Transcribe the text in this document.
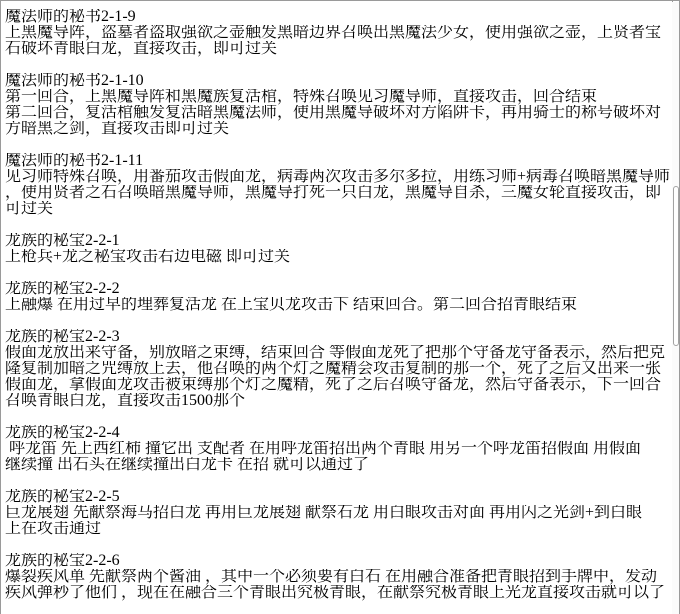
魔法师的秘书2-1-9
上黑魔导阵，盗墓者盗取强欲之壶触发黑暗边界召唤出黑魔法少女，使用强欲之壶，上贤者宝
石破坏青眼白龙，直接攻击，即可过关
魔法师的秘书2-1-10
第一回合，上黑魔导阵和黑魔族复活棺，特殊召唤见习魔导师，直接攻击，回合结束
第二回合，复活棺触发复活暗黑魔法师，使用黑魔导破坏对方陷阱卡，再用骑士的称号破坏对
方暗黑之剑，直接攻击即可过关
魔法师的秘书2-1-11
见习师特殊召唤，用番茄攻击假面龙，病毒两次攻击多尔多拉，用练习师+病毒召唤暗黑魔导师
，使用贤者之石召唤暗黑魔导师，黑魔导打死一只白龙，黑魔导自杀，三魔女轮直接攻击，即
可过关
龙族的秘宝2-2-1
上枪兵+龙之秘宝攻击右边电磁 即可过关
龙族的秘宝2-2-2
上融爆 在用过早的埋葬复活龙 在上宝贝龙攻击下 结束回合。第二回合招青眼结束
龙族的秘宝2-2-3
假面龙放出来守备，别放暗之束缚，结束回合 等假面龙死了把那个守备龙守备表示，然后把克
隆复制加暗之咒缚放上去，他召唤的两个灯之魔精会攻击复制的那一个，死了之后又出来一张
假面龙，拿假面龙攻击被束缚那个灯之魔精，死了之后召唤守备龙，然后守备表示，下一回合
召唤青眼白龙，直接攻击1500那个
龙族的秘宝2-2-4
呼龙笛 先上西红柿 撞它出 支配者 在用呼龙笛招出两个青眼 用另一个呼龙笛招假面 用假面
继续撞 出石头在继续撞出白龙卡 在招 就可以通过了
龙族的秘宝2-2-5
巨龙展翅 先献祭海马招白龙 再用巨龙展翅 献祭石龙 用白眼攻击对面 再用闪之光剑+到白眼
上在攻击通过
龙族的秘宝2-2-6
爆裂疾风单 先献祭两个酱油 ，其中一个必须要有白石 在用融合准备把青眼招到手牌中，发动
疾风弹秒了他们 ，现在在融合三个青眼出究极青眼，在献祭究极青眼上光龙直接攻击就可以了
